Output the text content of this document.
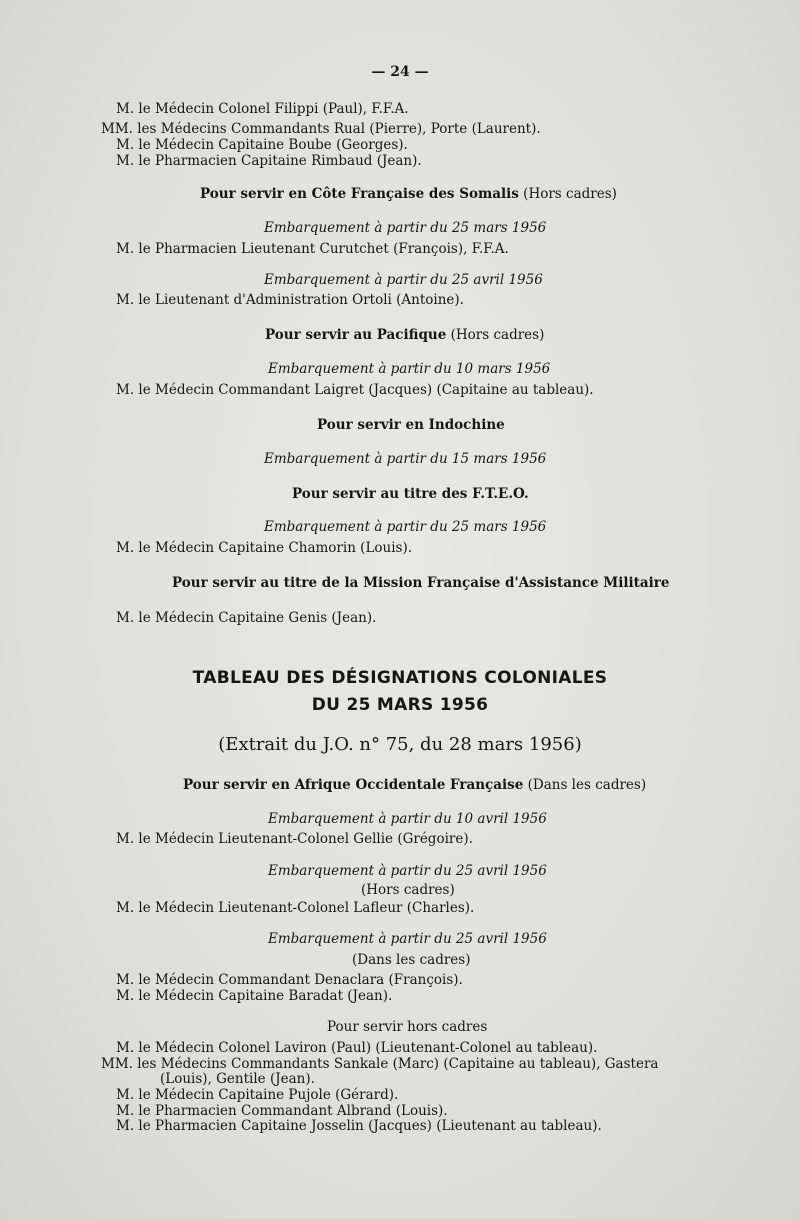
— 24 —
M. le Médecin Colonel Filippi (Paul), F.F.A.
MM. les Médecins Commandants Rual (Pierre), Porte (Laurent).
M. le Médecin Capitaine Boube (Georges).
M. le Pharmacien Capitaine Rimbaud (Jean).
Pour servir en Côte Française des Somalis (Hors cadres)
Embarquement à partir du 25 mars 1956
M. le Pharmacien Lieutenant Curutchet (François), F.F.A.
Embarquement à partir du 25 avril 1956
M. le Lieutenant d'Administration Ortoli (Antoine).
Pour servir au Pacifique (Hors cadres)
Embarquement à partir du 10 mars 1956
M. le Médecin Commandant Laigret (Jacques) (Capitaine au tableau).
Pour servir en Indochine
Embarquement à partir du 15 mars 1956
Pour servir au titre des F.T.E.O.
Embarquement à partir du 25 mars 1956
M. le Médecin Capitaine Chamorin (Louis).
Pour servir au titre de la Mission Française d'Assistance Militaire
M. le Médecin Capitaine Genis (Jean).
TABLEAU DES DÉSIGNATIONS COLONIALES
DU 25 MARS 1956
(Extrait du J.O. n° 75, du 28 mars 1956)
Pour servir en Afrique Occidentale Française (Dans les cadres)
Embarquement à partir du 10 avril 1956
M. le Médecin Lieutenant-Colonel Gellie (Grégoire).
Embarquement à partir du 25 avril 1956
(Hors cadres)
M. le Médecin Lieutenant-Colonel Lafleur (Charles).
Embarquement à partir du 25 avril 1956
(Dans les cadres)
M. le Médecin Commandant Denaclara (François).
M. le Médecin Capitaine Baradat (Jean).
Pour servir hors cadres
M. le Médecin Colonel Laviron (Paul) (Lieutenant-Colonel au tableau).
MM. les Médecins Commandants Sankale (Marc) (Capitaine au tableau), Gastera
(Louis), Gentile (Jean).
M. le Médecin Capitaine Pujole (Gérard).
M. le Pharmacien Commandant Albrand (Louis).
M. le Pharmacien Capitaine Josselin (Jacques) (Lieutenant au tableau).
